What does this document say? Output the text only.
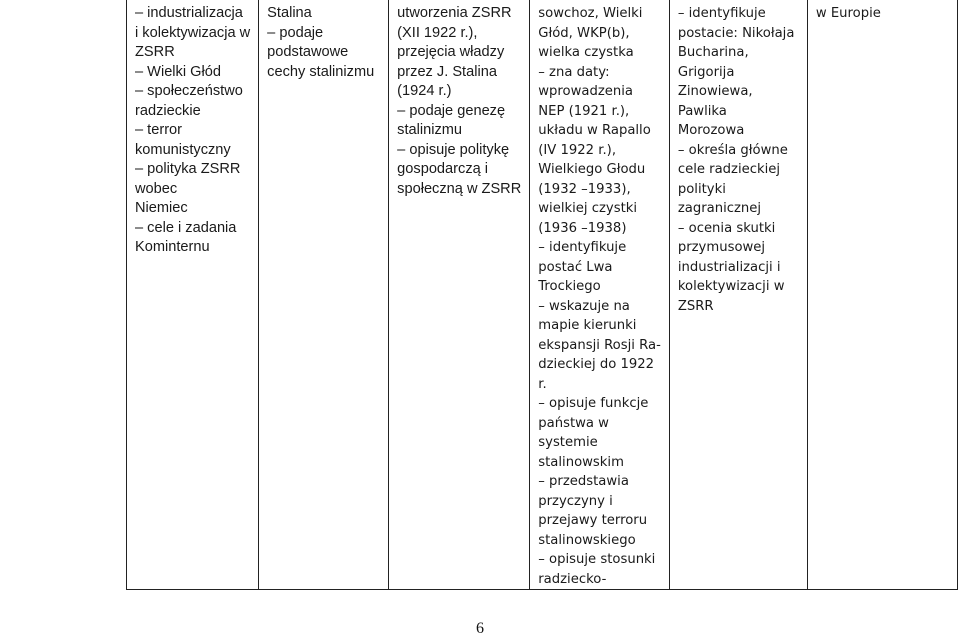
– industrializacja
i kolektywizacja w
ZSRR
– Wielki Głód
– społeczeństwo
radzieckie
– terror
komunistyczny
– polityka ZSRR
wobec
Niemiec
– cele i zadania
Kominternu

Stalina
– podaje
podstawowe
cechy stalinizmu

utworzenia ZSRR
(XII 1922 r.),
przejęcia władzy
przez J. Stalina
(1924 r.)
– podaje genezę
stalinizmu
– opisuje politykę
gospodarczą i
społeczną w ZSRR

sowchoz, Wielki
Głód, WKP(b),
wielka czystka
– zna daty:
wprowadzenia
NEP (1921 r.),
układu w Rapallo
(IV 1922 r.),
Wielkiego Głodu
(1932 –1933),
wielkiej czystki
(1936 –1938)
– identyfikuje
postać Lwa
Trockiego
– wskazuje na
mapie kierunki
ekspansji Rosji Ra-
dzieckiej do 1922
r.
– opisuje funkcje
państwa w
systemie
stalinowskim
– przedstawia
przyczyny i
przejawy terroru
stalinowskiego
– opisuje stosunki
radziecko-

– identyfikuje
postacie: Nikołaja
Bucharina,
Grigorija
Zinowiewa,
Pawlika
Morozowa
– określa główne
cele radzieckiej
polityki
zagranicznej
– ocenia skutki
przymusowej
industrializacji i
kolektywizacji w
ZSRR

w Europie
6
